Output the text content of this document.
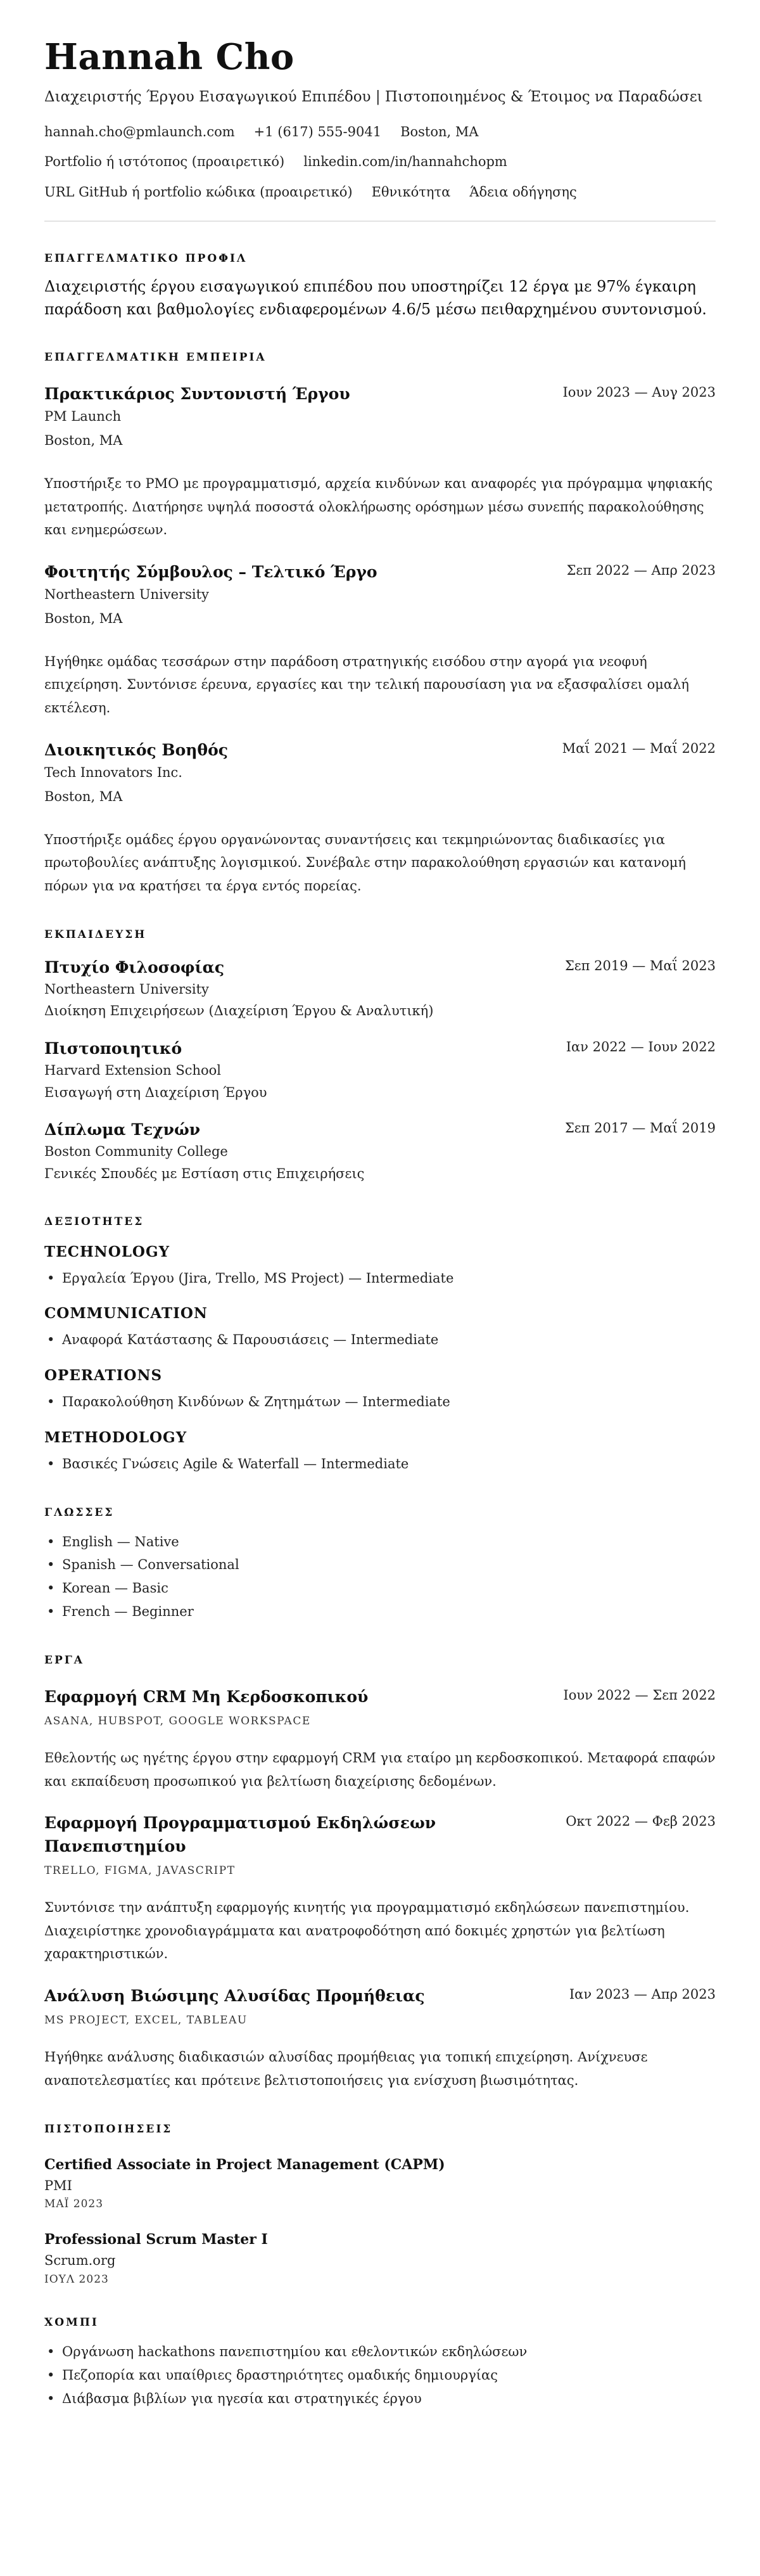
Hannah Cho
Διαχειριστής Έργου Εισαγωγικού Επιπέδου | Πιστοποιημένος & Έτοιμος να Παραδώσει
hannah.cho@pmlaunch.com +1 (617) 555-9041 Boston, MA
Portfolio ή ιστότοπος (προαιρετικό) linkedin.com/in/hannahchopm
URL GitHub ή portfolio κώδικα (προαιρετικό) Εθνικότητα Άδεια οδήγησης
ΕΠΑΓΓΕΛΜΑΤΙΚΟ ΠΡΟΦΙΛ
Διαχειριστής έργου εισαγωγικού επιπέδου που υποστηρίζει 12 έργα με 97% έγκαιρη παράδοση και βαθμολογίες ενδιαφερομένων 4.6/5 μέσω πειθαρχημένου συντονισμού.
ΕΠΑΓΓΕΛΜΑΤΙΚΗ ΕΜΠΕΙΡΙΑ
Πρακτικάριος Συντονιστή Έργου	Ιουν 2023 — Αυγ 2023
PM Launch
Boston, MA
Υποστήριξε το PMO με προγραμματισμό, αρχεία κινδύνων και αναφορές για πρόγραμμα ψηφιακής μετατροπής. Διατήρησε υψηλά ποσοστά ολοκλήρωσης ορόσημων μέσω συνεπής παρακολούθησης και ενημερώσεων.
Φοιτητής Σύμβουλος – Τελτικό Έργο	Σεπ 2022 — Απρ 2023
Northeastern University
Boston, MA
Ηγήθηκε ομάδας τεσσάρων στην παράδοση στρατηγικής εισόδου στην αγορά για νεοφυή επιχείρηση. Συντόνισε έρευνα, εργασίες και την τελική παρουσίαση για να εξασφαλίσει ομαλή εκτέλεση.
Διοικητικός Βοηθός	Μαΐ 2021 — Μαΐ 2022
Tech Innovators Inc.
Boston, MA
Υποστήριξε ομάδες έργου οργανώνοντας συναντήσεις και τεκμηριώνοντας διαδικασίες για πρωτοβουλίες ανάπτυξης λογισμικού. Συνέβαλε στην παρακολούθηση εργασιών και κατανομή πόρων για να κρατήσει τα έργα εντός πορείας.
ΕΚΠΑΙΔΕΥΣΗ
Πτυχίο Φιλοσοφίας	Σεπ 2019 — Μαΐ 2023
Northeastern University
Διοίκηση Επιχειρήσεων (Διαχείριση Έργου & Αναλυτική)
Πιστοποιητικό	Ιαν 2022 — Ιουν 2022
Harvard Extension School
Εισαγωγή στη Διαχείριση Έργου
Δίπλωμα Τεχνών	Σεπ 2017 — Μαΐ 2019
Boston Community College
Γενικές Σπουδές με Εστίαση στις Επιχειρήσεις
ΔΕΞΙΟΤΗΤΕΣ
TECHNOLOGY
• Εργαλεία Έργου (Jira, Trello, MS Project) — Intermediate
COMMUNICATION
• Αναφορά Κατάστασης & Παρουσιάσεις — Intermediate
OPERATIONS
• Παρακολούθηση Κινδύνων & Ζητημάτων — Intermediate
METHODOLOGY
• Βασικές Γνώσεις Agile & Waterfall — Intermediate
ΓΛΩΣΣΕΣ
• English — Native
• Spanish — Conversational
• Korean — Basic
• French — Beginner
ΕΡΓΑ
Εφαρμογή CRM Μη Κερδοσκοπικού	Ιουν 2022 — Σεπ 2022
ASANA, HUBSPOT, GOOGLE WORKSPACE
Εθελοντής ως ηγέτης έργου στην εφαρμογή CRM για εταίρο μη κερδοσκοπικού. Μεταφορά επαφών και εκπαίδευση προσωπικού για βελτίωση διαχείρισης δεδομένων.
Εφαρμογή Προγραμματισμού Εκδηλώσεων Πανεπιστημίου
Οκτ 2022 — Φεβ 2023
TRELLO, FIGMA, JAVASCRIPT
Συντόνισε την ανάπτυξη εφαρμογής κινητής για προγραμματισμό εκδηλώσεων πανεπιστημίου. Διαχειρίστηκε χρονοδιαγράμματα και ανατροφοδότηση από δοκιμές χρηστών για βελτίωση χαρακτηριστικών.
Ανάλυση Βιώσιμης Αλυσίδας Προμήθειας	Ιαν 2023 — Απρ 2023
MS PROJECT, EXCEL, TABLEAU
Ηγήθηκε ανάλυσης διαδικασιών αλυσίδας προμήθειας για τοπική επιχείρηση. Ανίχνευσε αναποτελεσματίες και πρότεινε βελτιστοποιήσεις για ενίσχυση βιωσιμότητας.
ΠΙΣΤΟΠΟΙΗΣΕΙΣ
Certified Associate in Project Management (CAPM)
PMI
ΜΑΪ 2023
Professional Scrum Master I
Scrum.org
ΙΟΥΛ 2023
ΧΟΜΠΙ
• Οργάνωση hackathons πανεπιστημίου και εθελοντικών εκδηλώσεων
• Πεζοπορία και υπαίθριες δραστηριότητες ομαδικής δημιουργίας
• Διάβασμα βιβλίων για ηγεσία και στρατηγικές έργου
